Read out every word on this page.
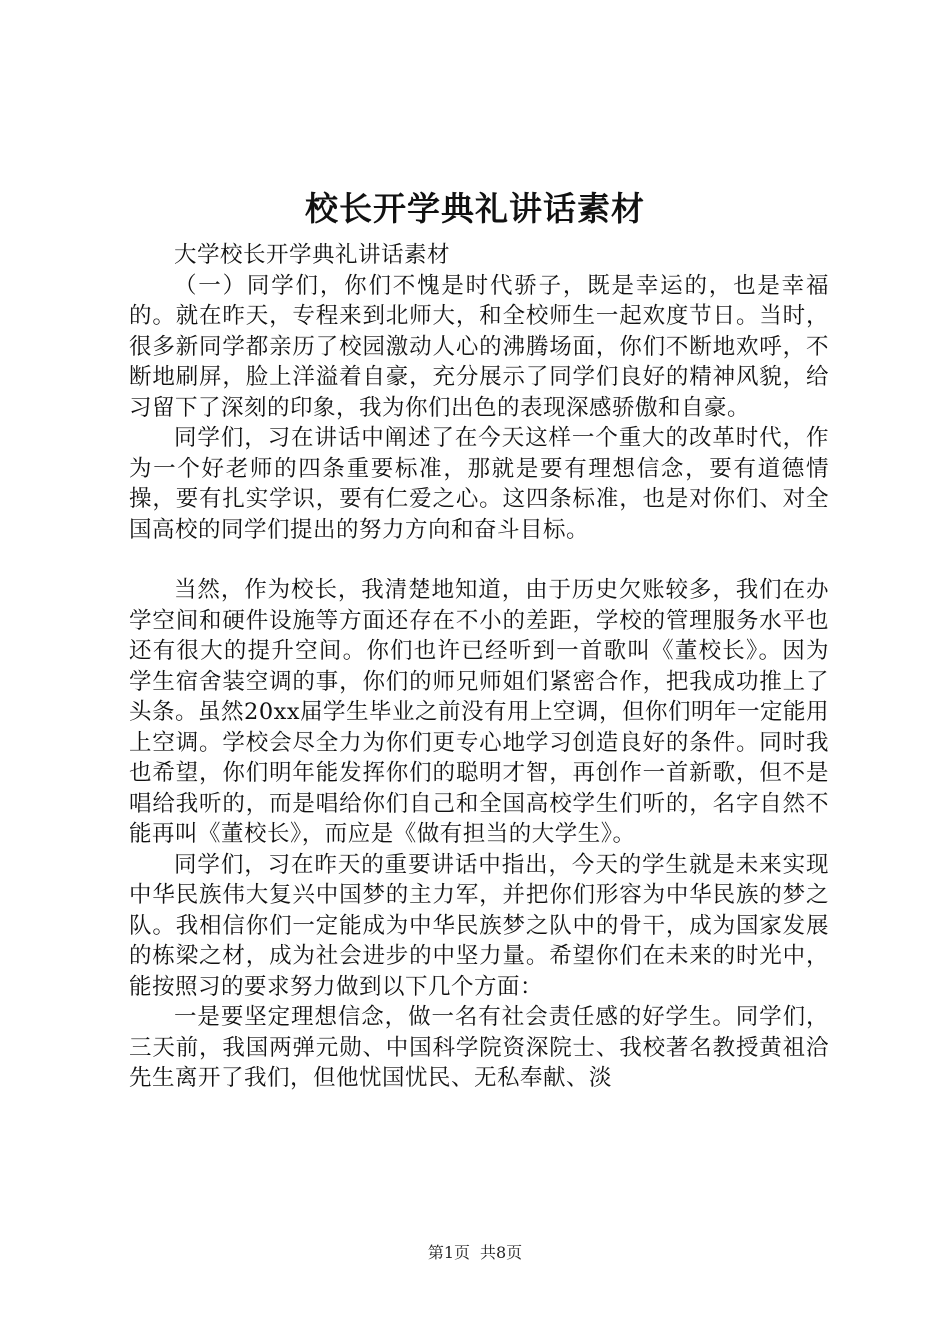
校长开学典礼讲话素材

大学校长开学典礼讲话素材

（一）同学们，你们不愧是时代骄子，既是幸运的，也是幸福的。就在昨天，专程来到北师大，和全校师生一起欢度节日。当时，很多新同学都亲历了校园激动人心的沸腾场面，你们不断地欢呼，不断地刷屏，脸上洋溢着自豪，充分展示了同学们良好的精神风貌，给习留下了深刻的印象，我为你们出色的表现深感骄傲和自豪。

同学们，习在讲话中阐述了在今天这样一个重大的改革时代，作为一个好老师的四条重要标准，那就是要有理想信念，要有道德情操，要有扎实学识，要有仁爱之心。这四条标准，也是对你们、对全国高校的同学们提出的努力方向和奋斗目标。

当然，作为校长，我清楚地知道，由于历史欠账较多，我们在办学空间和硬件设施等方面还存在不小的差距，学校的管理服务水平也还有很大的提升空间。你们也许已经听到一首歌叫《董校长》。因为学生宿舍装空调的事，你们的师兄师姐们紧密合作，把我成功推上了头条。虽然20xx届学生毕业之前没有用上空调，但你们明年一定能用上空调。学校会尽全力为你们更专心地学习创造良好的条件。同时我也希望，你们明年能发挥你们的聪明才智，再创作一首新歌，但不是唱给我听的，而是唱给你们自己和全国高校学生们听的，名字自然不能再叫《董校长》，而应是《做有担当的大学生》。

同学们，习在昨天的重要讲话中指出，今天的学生就是未来实现中华民族伟大复兴中国梦的主力军，并把你们形容为中华民族的梦之队。我相信你们一定能成为中华民族梦之队中的骨干，成为国家发展的栋梁之材，成为社会进步的中坚力量。希望你们在未来的时光中，能按照习的要求努力做到以下几个方面：

一是要坚定理想信念，做一名有社会责任感的好学生。同学们，三天前，我国两弹元勋、中国科学院资深院士、我校著名教授黄祖洽先生离开了我们，但他忧国忧民、无私奉献、淡

第1页 共8页
